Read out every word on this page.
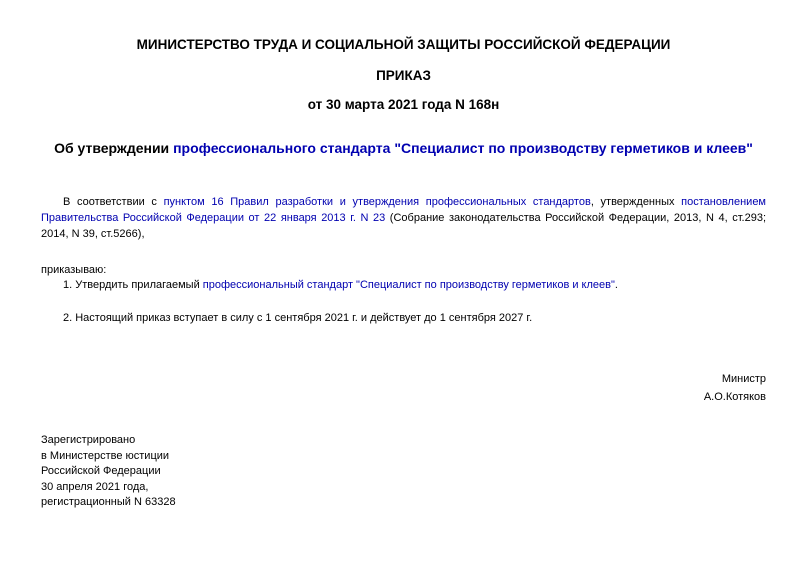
МИНИСТЕРСТВО ТРУДА И СОЦИАЛЬНОЙ ЗАЩИТЫ РОССИЙСКОЙ ФЕДЕРАЦИИ
ПРИКАЗ
от 30 марта 2021 года N 168н
Об утверждении профессионального стандарта "Специалист по производству герметиков и клеев"
В соответствии с пунктом 16 Правил разработки и утверждения профессиональных стандартов, утвержденных постановлением Правительства Российской Федерации от 22 января 2013 г. N 23 (Собрание законодательства Российской Федерации, 2013, N 4, ст.293; 2014, N 39, ст.5266),
приказываю:
1. Утвердить прилагаемый профессиональный стандарт "Специалист по производству герметиков и клеев".
2. Настоящий приказ вступает в силу с 1 сентября 2021 г. и действует до 1 сентября 2027 г.
Министр
А.О.Котяков
Зарегистрировано
в Министерстве юстиции
Российской Федерации
30 апреля 2021 года,
регистрационный N 63328
